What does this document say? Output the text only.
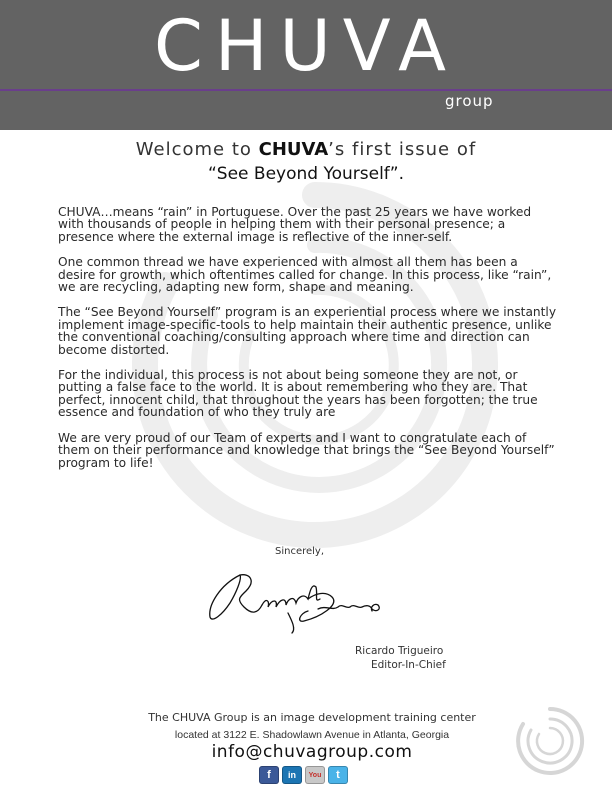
CHUVA
group
Welcome to CHUVA’s first issue of
“See Beyond Yourself”.

CHUVA…means “rain” in Portuguese. Over the past 25 years we have worked with thousands of people in helping them with their personal presence; a presence where the external image is reflective of the inner-self.

One common thread we have experienced with almost all them has been a desire for growth, which oftentimes called for change. In this process, like “rain”, we are recycling, adapting new form, shape and meaning.

The “See Beyond Yourself” program is an experiential process where we instantly implement image-specific-tools to help maintain their authentic presence, unlike the conventional coaching/consulting approach where time and direction can become distorted.

For the individual, this process is not about being someone they are not, or putting a false face to the world. It is about remembering who they are. That perfect, innocent child, that throughout the years has been forgotten; the true essence and foundation of who they truly are

We are very proud of our Team of experts and I want to congratulate each of them on their performance and knowledge that brings the “See Beyond Yourself” program to life!

Sincerely,
Ricardo Trigueiro
Editor-In-Chief
The CHUVA Group is an image development training center
located at 3122 E. Shadowlawn Avenue in Atlanta, Georgia
info@chuvagroup.com
f	in	You	t
